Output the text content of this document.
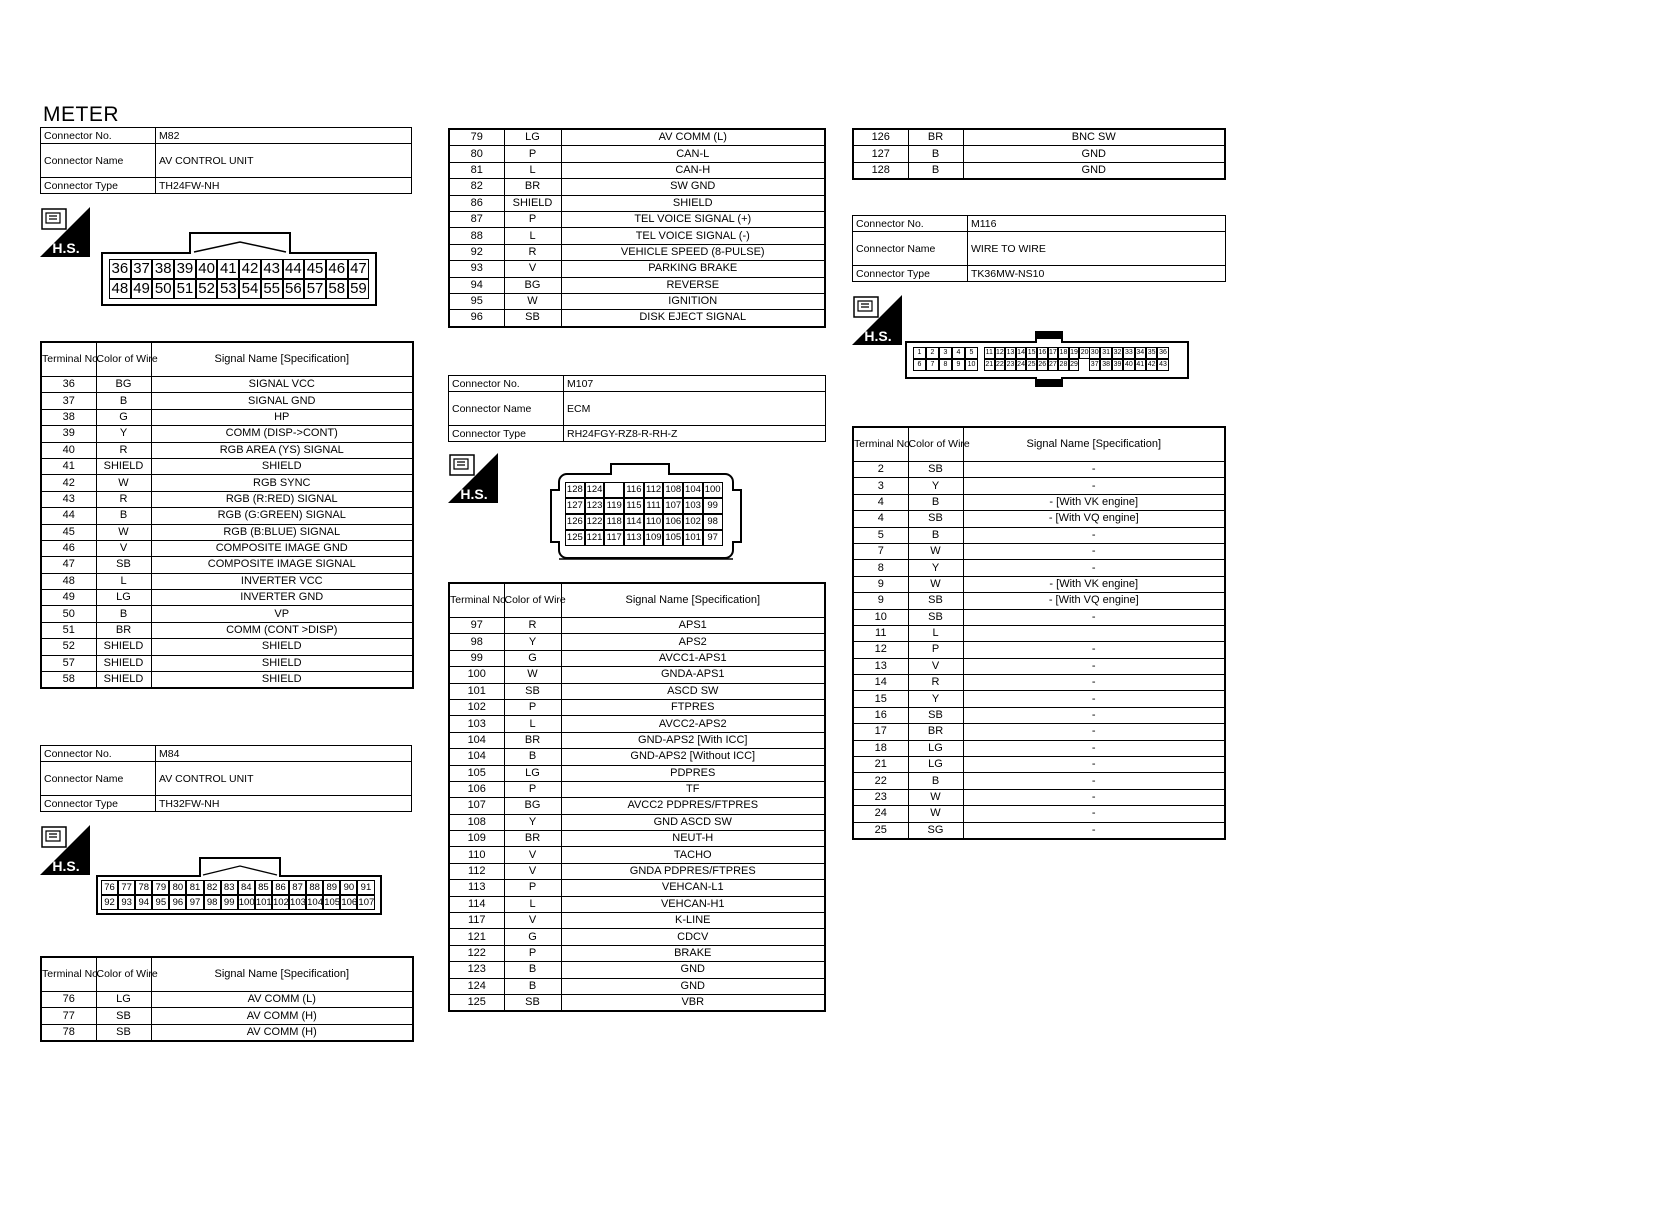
METER
Connector No.	M82
Connector Name	AV CONTROL UNIT
Connector Type	TH24FW-NH
H.S.
36 37 38 39 40 41 42 43 44 45 46 47
48 49 50 51 52 53 54 55 56 57 58 59
Terminal No.	Color of Wire	Signal Name [Specification]
36	BG	SIGNAL VCC
37	B	SIGNAL GND
38	G	HP
39	Y	COMM (DISP->CONT)
40	R	RGB AREA (YS) SIGNAL
41	SHIELD	SHIELD
42	W	RGB SYNC
43	R	RGB (R:RED) SIGNAL
44	B	RGB (G:GREEN) SIGNAL
45	W	RGB (B:BLUE) SIGNAL
46	V	COMPOSITE IMAGE GND
47	SB	COMPOSITE IMAGE SIGNAL
48	L	INVERTER VCC
49	LG	INVERTER GND
50	B	VP
51	BR	COMM (CONT >DISP)
52	SHIELD	SHIELD
57	SHIELD	SHIELD
58	SHIELD	SHIELD
Connector No.	M84
Connector Name	AV CONTROL UNIT
Connector Type	TH32FW-NH
H.S.
76 77 78 79 80 81 82 83 84 85 86 87 88 89 90 91
92 93 94 95 96 97 98 99 100 101 102 103 104 105 106 107
Terminal No.	Color of Wire	Signal Name [Specification]
76	LG	AV COMM (L)
77	SB	AV COMM (H)
78	SB	AV COMM (H)
79	LG	AV COMM (L)
80	P	CAN-L
81	L	CAN-H
82	BR	SW GND
86	SHIELD	SHIELD
87	P	TEL VOICE SIGNAL (+)
88	L	TEL VOICE SIGNAL (-)
92	R	VEHICLE SPEED (8-PULSE)
93	V	PARKING BRAKE
94	BG	REVERSE
95	W	IGNITION
96	SB	DISK EJECT SIGNAL
Connector No.	M107
Connector Name	ECM
Connector Type	RH24FGY-RZ8-R-RH-Z
H.S.	128 124	116 112 108 104 100
127 123 119 115 111 107 103 99
126 122 118 114 110 106 102 98
125 121 117 113 109 105 101 97
Terminal No.	Color of Wire	Signal Name [Specification]
97	R	APS1
98	Y	APS2
99	G	AVCC1-APS1
100	W	GNDA-APS1
101	SB	ASCD SW
102	P	FTPRES
103	L	AVCC2-APS2
104	BR	GND-APS2 [With ICC]
104	B	GND-APS2 [Without ICC]
105	LG	PDPRES
106	P	TF
107	BG	AVCC2 PDPRES/FTPRES
108	Y	GND ASCD SW
109	BR	NEUT-H
110	V	TACHO
112	V	GNDA PDPRES/FTPRES
113	P	VEHCAN-L1
114	L	VEHCAN-H1
117	V	K-LINE
121	G	CDCV
122	P	BRAKE
123	B	GND
124	B	GND
125	SB	VBR
126	BR	BNC SW
127	B	GND
128	B	GND
Connector No.	M116
Connector Name	WIRE TO WIRE
Connector Type	TK36MW-NS10
H.S.
1	2	3	4	5
6	7	8	9	10
11 12 13 14 15 16 17 18 19 20
21 22 23 24 25 26 27 28 29
30 31 32 33 34 35 36
37 38 39 40 41 42 43
Terminal No.	Color of Wire	Signal Name [Specification]
2	SB	-
3	Y	-
4	B	- [With VK engine]
4	SB	- [With VQ engine]
5	B	-
7	W	-
8	Y	-
9	W	- [With VK engine]
9	SB	- [With VQ engine]
10	SB	-
11	L	
12	P	-
13	V	-
14	R	-
15	Y	-
16	SB	-
17	BR	-
18	LG	-
21	LG	-
22	B	-
23	W	-
24	W	-
25	SG	-
